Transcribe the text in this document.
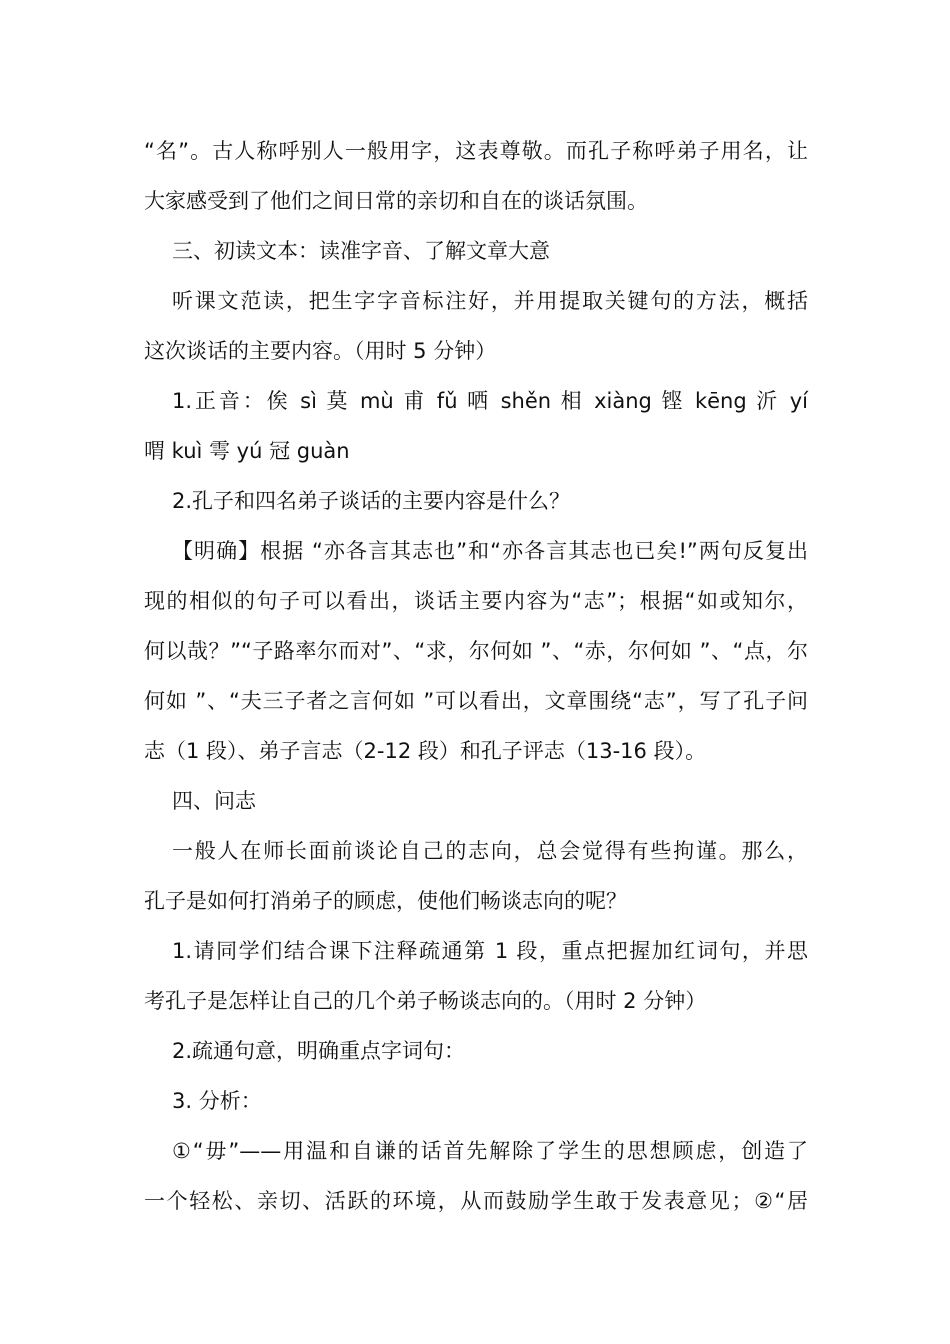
“名”。古人称呼别人一般用字，这表尊敬。而孔子称呼弟子用名，让
大家感受到了他们之间日常的亲切和自在的谈话氛围。
三、初读文本：读准字音、了解文章大意
听课文范读，把生字字音标注好，并用提取关键句的方法，概括
这次谈话的主要内容。（用时 5 分钟）
1.正音：俟 sì 莫 mù 甫 fǔ 哂 shěn 相 xiàng 铿 kēng 沂 yí
喟 kuì 雩 yú 冠 guàn
2.孔子和四名弟子谈话的主要内容是什么？
【明确】根据 “亦各言其志也”和“亦各言其志也已矣!”两句反复出
现的相似的句子可以看出，谈话主要内容为“志”；根据“如或知尔，
何以哉？”“子路率尔而对”、“求，尔何如 ”、“赤，尔何如 ”、“点，尔
何如 ”、“夫三子者之言何如 ”可以看出，文章围绕“志”，写了孔子问
志（1 段）、弟子言志（2-12 段）和孔子评志（13-16 段）。
四、问志
一般人在师长面前谈论自己的志向，总会觉得有些拘谨。那么，
孔子是如何打消弟子的顾虑，使他们畅谈志向的呢？
1.请同学们结合课下注释疏通第 1 段，重点把握加红词句，并思
考孔子是怎样让自己的几个弟子畅谈志向的。（用时 2 分钟）
2.疏通句意，明确重点字词句：
3. 分析：
①“毋”——用温和自谦的话首先解除了学生的思想顾虑，创造了
一个轻松、亲切、活跃的环境，从而鼓励学生敢于发表意见；②“居
